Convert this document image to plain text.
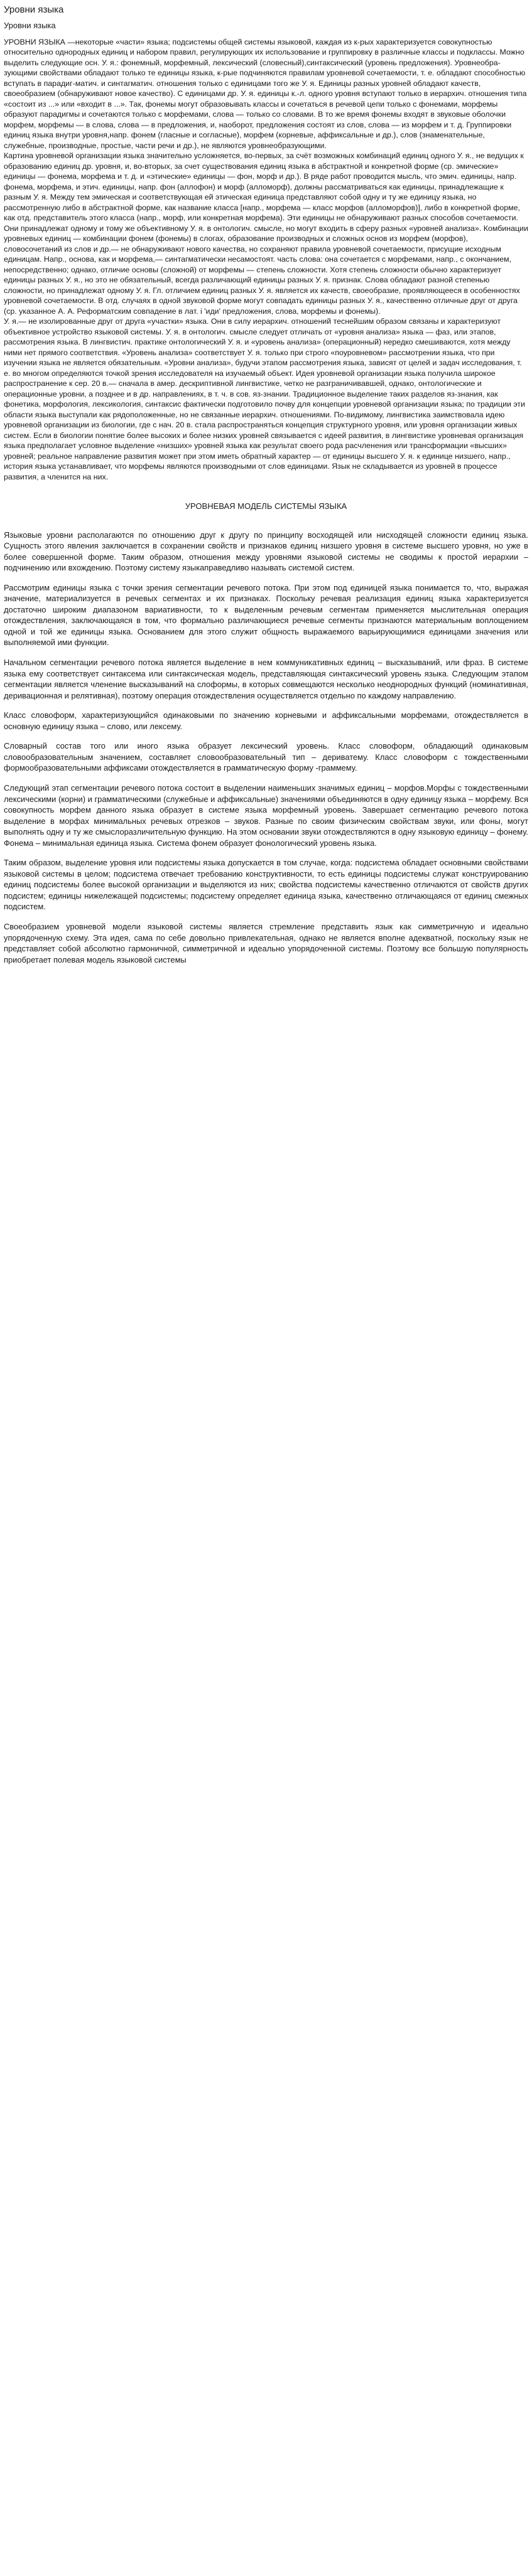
Уровни языка
Уровни языка

УРОВНИ ЯЗЫКА —некоторые «части» языка; подсистемы общей системы языковой, каждая из к-рых характеризуется совокупностью относительно однородных единиц и набором правил, регулирующих их использование и группировку в различные классы и подклассы. Можно выделить следующие осн. У. я.: фонемный, морфемный, лексический (словесный),синтаксический (уровень предложения). Уровнеобра-зующими свойствами обладают только те единицы языка, к-рые подчиняются правилам уровневой сочетаемости, т. е. обладают способностью вступать в парадиг-матич. и синтагматич. отношения только с единицами того же У. я. Единицы разных уровней обладают качеств, своеобразием (обнаруживают новое качество). С единицами др. У. я. единицы к.-л. одного уровня вступают только в иерархич. отношения типа «состоит из ...» или «входит в ...». Так, фонемы могут образовывать классы и сочетаться в речевой цепи только с фонемами, морфемы образуют парадигмы и сочетаются только с морфемами, слова — только со словами. В то же время фонемы входят в звуковые оболочки морфем, морфемы — в слова, слова — в предложения, и, наоборот, предложения состоят из слов, слова — из морфем и т. д. Группировки единиц языка внутри уровня,напр. фонем (гласные и согласные), морфем (корневые, аффиксальные и др.), слов (знаменательные, служебные, производные, простые, части речи и др.), не являются уровнеобразующими.

Картина уровневой организации языка значительно усложняется, во-первых, за счёт возможных комбинаций единиц одного У. я., не ведущих к образованию единиц др. уровня, и, во-вторых, за счет существования единиц языка в абстрактной и конкретной форме (ср. эмические» единицы — фонема, морфема и т. д. и «этические» единицы — фон, морф и др.). В ряде работ проводится мысль, что эмич. единицы, напр. фонема, морфема, и этич. единицы, напр. фон (аллофон) и морф (алломорф), должны рассматриваться как единицы, принадлежащие к разным У. я. Между тем эмическая и соответствующая ей этическая единица представляют собой одну и ту же единицу языка, но рассмотренную либо в абстрактной форме, как название класса [напр., морфема — класс морфов (алломорфов)], либо в конкретной форме, как отд. представитель этого класса (напр., морф, или конкретная морфема). Эти единицы не обнаруживают разных способов сочетаемости. Они принадлежат одному и тому же объективному У. я. в онтологич. смысле, но могут входить в сферу разных «уровней анализа». Комбинации уровневых единиц — комбинации фонем (фонемы) в слогах, образование производных и сложных основ из морфем (морфов), словосочетаний из слов и др.— не обнаруживают нового качества, но сохраняют правила уровневой сочетаемости, присущие исходным единицам. Напр., основа, как и морфема,— синтагматически несамостоят. часть слова: она сочетается с морфемами, напр., с окончанием, непосредственно; однако, отличие основы (сложной) от морфемы — степень сложности. Хотя степень сложности обычно характеризует единицы разных У. я., но это не обязательный, всегда различающий единицы разных У. я. признак. Слова обладают разной степенью сложности, но принадлежат одному У. я. Гл. отличием единиц разных У. я. является их качеств, своеобразие, проявляющееся в особенностях уровневой сочетаемости. В отд. случаях в одной звуковой форме могут совпадать единицы разных У. я., качественно отличные друг от друга (ср. указанное А. А. Реформатским совпадение в лат. i 'иди' предложения, слова, морфемы и фонемы).

У. я.— не изолированные друг от друга «участки» языка. Они в силу иерархич. отношений теснейшим образом связаны и характеризуют объективное устройство языковой системы. У. я. в онтологич. смысле следует отличать от «уровня анализа» языка — фаз, или этапов, рассмотрения языка. В лингвистич. практике онтологический У. я. и «уровень анализа» (операционный) нередко смешиваются, хотя между ними нет прямого соответствия. «Уровень анализа» соответствует У. я. только при строго «поуровневом» рассмотрении языка, что при изучении языка не является обязательным. «Уровни анализа», будучи этапом рассмотрения языка, зависят от целей и задач исследования, т. е. во многом определяются точкой зрения исследователя на изучаемый объект. Идея уровневой организации языка получила широкое распространение к сер. 20 в.— сначала в амер. дескриптивной лингвистике, четко не разграничивавшей, однако, онтологические и операционные уровни, а позднее и в др. направлениях, в т. ч. в сов. яз-знании. Традиционное выделение таких разделов яз-знания, как фонетика, морфология, лексикология, синтаксис фактически подготовило почву для концепции уровневой организации языка; по традиции эти области языка выступали как рядоположенные, но не связанные иерархич. отношениями. По-видимому, лингвистика заимствовала идею уровневой организации из биологии, где с нач. 20 в. стала распространяться концепция структурного уровня, или уровня организации живых систем. Если в биологии понятие более высоких и более низких уровней связывается с идеей развития, в лингвистике уровневая организация языка предполагает условное выделение «низших» уровней языка как результат своего рода расчленения или трансформации «высших» уровней; реальное направление развития может при этом иметь обратный характер — от единицы высшего У. я. к единице низшего, напр., история языка устанавливает, что морфемы являются производными от слов единицами. Язык не складывается из уровней в процессе развития, а членится на них.

УРОВНЕВАЯ МОДЕЛЬ СИСТЕМЫ ЯЗЫКА

Языковые уровни располагаются по отношению друг к другу по принципу восходящей или нисходящей сложности единиц языка. Сущность этого явления заключается в сохранении свойств и признаков единиц низшего уровня в системе высшего уровня, но уже в более совершенной форме. Таким образом, отношения между уровнями языковой системы не сводимы к простой иерархии – подчинению или вхождению. Поэтому систему языкаправедливо называть системой систем.

Рассмотрим единицы языка с точки зрения сегментации речевого потока. При этом под единицей языка понимается то, что, выражая значение, материализуется в речевых сегментах и их признаках. Поскольку речевая реализация единиц языка характеризуется достаточно широким диапазоном вариативности, то к выделенным речевым сегментам применяется мыслительная операция отождествления, заключающаяся в том, что формально различающиеся речевые сегменты признаются материальным воплощением одной и той же единицы языка. Основанием для этого служит общность выражаемого варьирующимися единицами значения или выполняемой ими функции.

Начальном сегментации речевого потока является выделение в нем коммуникативных единиц – высказываний, или фраз. В системе языка ему соответствует синтаксема или синтаксическая модель, представляющая синтаксический уровень языка. Следующим этапом сегментации является членение высказываний на слоформы, в которых совмещаются несколько неоднородных функций (номинативная, деривационная и релятивная), поэтому операция отождествления осуществляется отдельно по каждому направлению.

Класс словоформ, характеризующийся одинаковыми по значению корневыми и аффиксальными морфемами, отождествляется в основную единицу языка – слово, или лексему.

Словарный состав того или иного языка образует лексический уровень. Класс словоформ, обладающий одинаковым словообразовательным значением, составляет словообразовательный тип – дериватему. Класс словоформ с тождественными формообразовательными аффиксами отождествляется в грамматическую форму -граммему.

Следующий этап сегментации речевого потока состоит в выделении наименьших значимых единиц – морфов.Морфы с тождественными лексическими (корни) и грамматическими (служебные и аффиксальные) значениями объединяются в одну единицу языка – морфему. Вся совокупность морфем данного языка образует в системе языка морфемный уровень. Завершает сегментацию речевого потока выделение в морфах минимальных речевых отрезков – звуков. Разные по своим физическим свойствам звуки, или фоны, могут выполнять одну и ту же смыслоразличительную функцию. На этом основании звуки отождествляются в одну языковую единицу – фонему. Фонема – минимальная единица языка. Система фонем образует фонологический уровень языка.

Таким образом, выделение уровня или подсистемы языка допускается в том случае, когда: подсистема обладает основными свойствами языковой системы в целом; подсистема отвечает требованию конструктивности, то есть единицы подсистемы служат конструированию единиц подсистемы более высокой организации и выделяются из них; свойства подсистемы качественно отличаются от свойств других подсистем; единицы нижележащей подсистемы; подсистему определяет единица языка, качественно отличающаяся от единиц смежных подсистем.

Своеобразием уровневой модели языковой системы является стремление представить язык как симметричную и идеально упорядоченную схему. Эта идея, сама по себе довольно привлекательная, однако не является вполне адекватной, поскольку язык не представляет собой абсолютно гармоничной, симметричной и идеально упорядоченной системы. Поэтому все большую популярность приобретает полевая модель языковой системы
